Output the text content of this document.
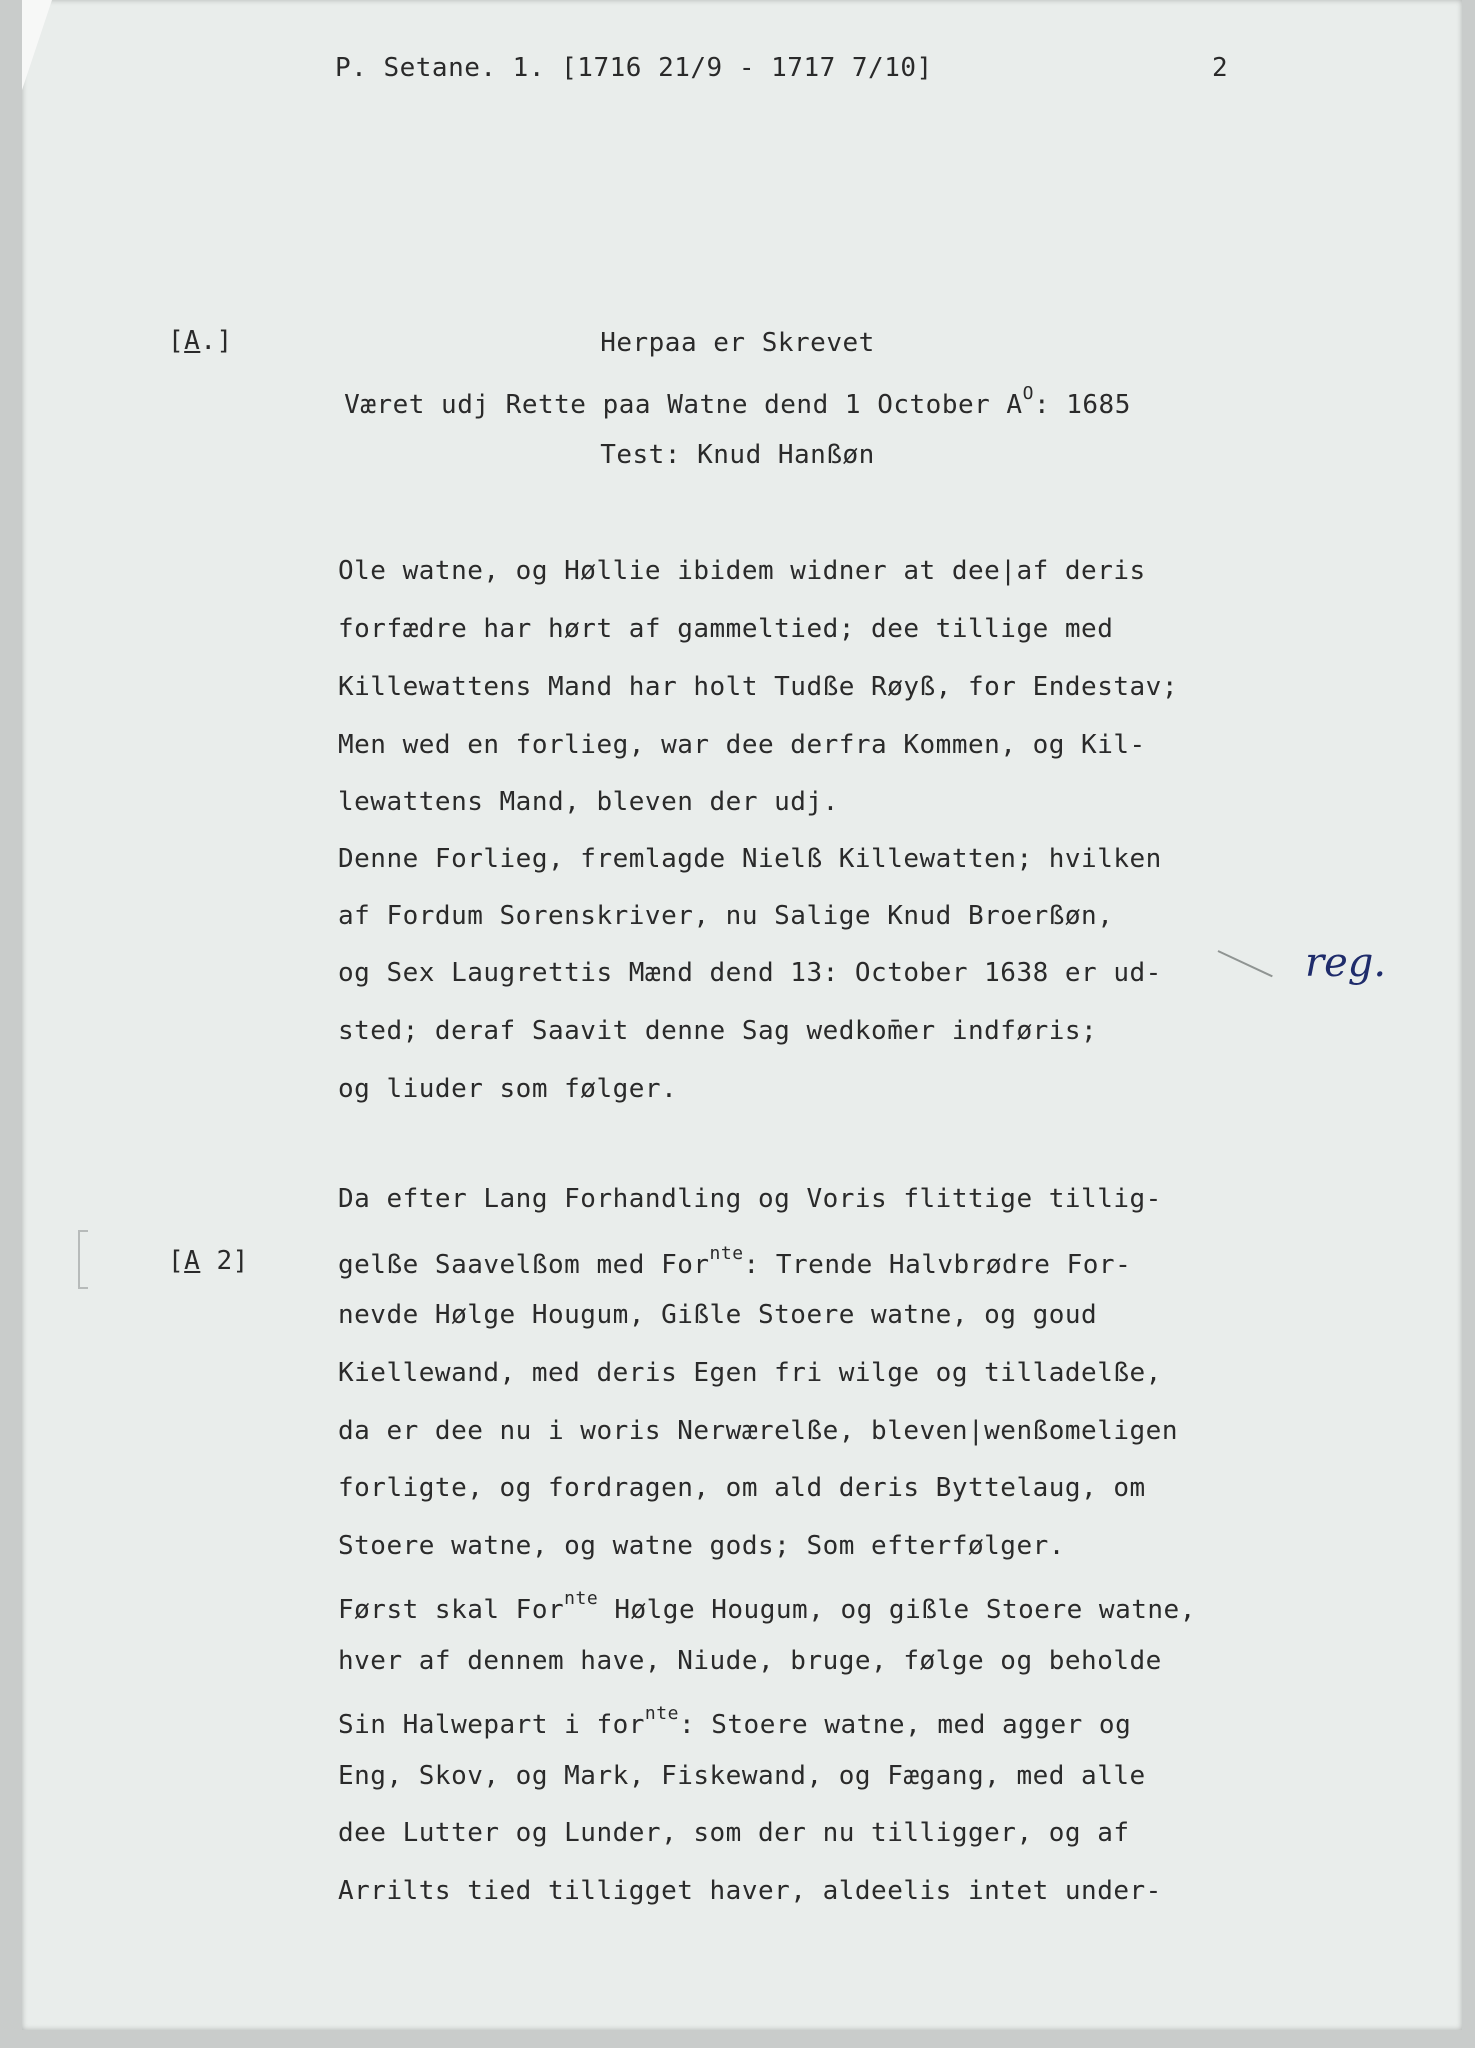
P. Setane. 1. [1716 21/9 - 1717 7/10]	2
[A.]	Herpaa er Skrevet
Været udj Rette paa Watne dend 1 October $A^O$: 1685
Test: Knud Hanßøn
Ole watne, og Høllie ibidem widner at dee|af deris
forfædre har hørt af gammeltied; dee tillige med
Killewattens Mand har holt Tudße Røyß, for Endestav;
Men wed en forlieg, war dee derfra Kommen, og Kil-
lewattens Mand, bleven der udj.
Denne Forlieg, fremlagde Nielß Killewatten; hvilken
af Fordum Sorenskriver, nu Salige Knud Broerßøn,
og Sex Laugrettis Mænd dend 13: October 1638 er ud-
sted; deraf Saavit denne Sag wedkom̄er indføris;
og liuder som følger.
reg.
[A 2]
Da efter Lang Forhandling og Voris flittige tillig-
gelße Saavelßom med For$^{nte}$: Trende Halvbrødre For-
nevde Hølge Hougum, Gißle Stoere watne, og goud
Kiellewand, med deris Egen fri wilge og tilladelße,
da er dee nu i woris Nerwærelße, bleven|wenßomeligen
forligte, og fordragen, om ald deris Byttelaug, om
Stoere watne, og watne gods; Som efterfølger.
Først skal For$^{nte}$ Hølge Hougum, og gißle Stoere watne,
hver af dennem have, Niude, bruge, følge og beholde
Sin Halwepart i for$^{nte}$: Stoere watne, med agger og
Eng, Skov, og Mark, Fiskewand, og Fægang, med alle
dee Lutter og Lunder, som der nu tilligger, og af
Arrilts tied tilligget haver, aldeelis intet under-
